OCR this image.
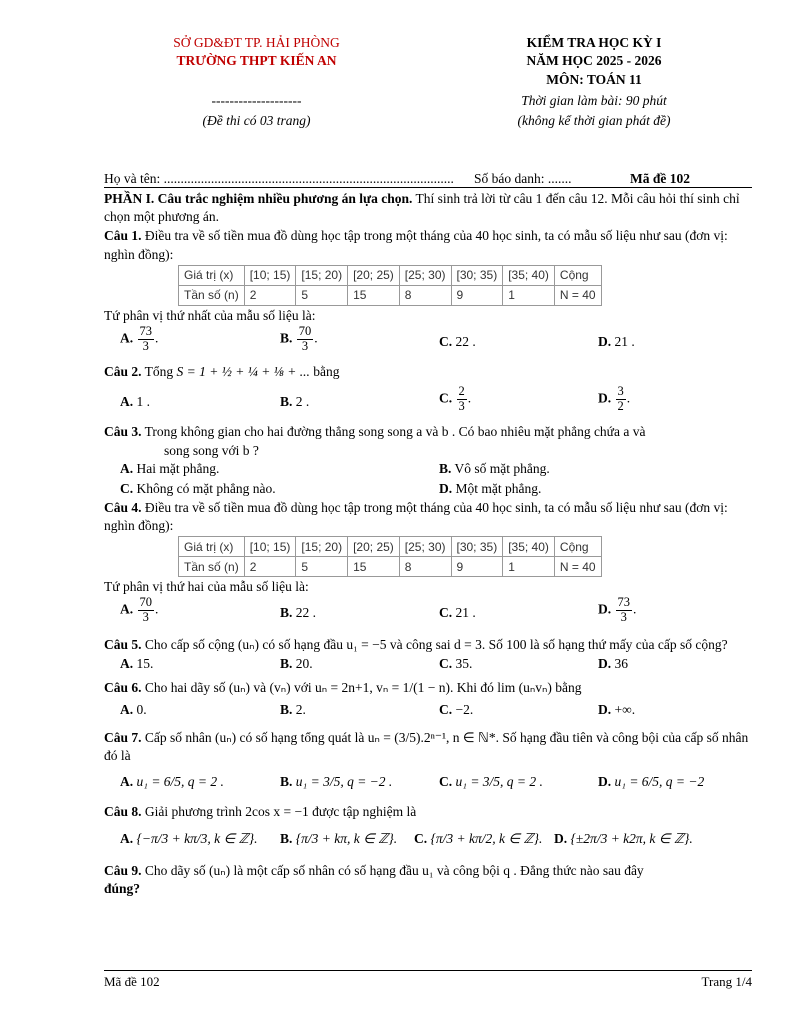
SỞ GD&ĐT TP. HẢI PHÒNG
TRƯỜNG THPT KIẾN AN
--------------------
(Đề thi có 03 trang)
KIỂM TRA HỌC KỲ I
NĂM HỌC 2025 - 2026
MÔN: TOÁN 11
Thời gian làm bài: 90 phút
(không kể thời gian phát đề)
Họ và tên: ...................................................................................... Số báo danh: .......	Mã đề 102

PHẦN I. Câu trắc nghiệm nhiều phương án lựa chọn. Thí sinh trả lời từ câu 1 đến câu 12. Mỗi câu hỏi thí sinh chỉ chọn một phương án.

Câu 1. Điều tra về số tiền mua đồ dùng học tập trong một tháng của 40 học sinh, ta có mẫu số liệu như sau (đơn vị: nghìn đồng):

Giá trị (x)	[10; 15)	[15; 20)	[20; 25)	[25; 30)	[30; 35)	[35; 40)	Cộng
Tần số (n)	2	5	15	8	9	1	N = 40

Tứ phân vị thứ nhất của mẫu số liệu là:

A. $\frac{73}{3}$ .	B. $\frac{70}{3}$ .	C. 22 .	D. 21 .

Câu 2. Tổng S = 1 + ½ + ¼ + ⅛ + ... bằng

A. 1 .	B. 2 .	C. $\frac{2}{3}$ .	D. $\frac{3}{2}$ .

Câu 3. Trong không gian cho hai đường thẳng song song a và b . Có bao nhiêu mặt phẳng chứa a và

song song với b ?

A. Hai mặt phẳng.	B. Vô số mặt phẳng.
C. Không có mặt phẳng nào.	D. Một mặt phẳng.

Câu 4. Điều tra về số tiền mua đồ dùng học tập trong một tháng của 40 học sinh, ta có mẫu số liệu như sau (đơn vị: nghìn đồng):

Giá trị (x)	[10; 15)	[15; 20)	[20; 25)	[25; 30)	[30; 35)	[35; 40)	Cộng
Tần số (n)	2	5	15	8	9	1	N = 40

Tứ phân vị thứ hai của mẫu số liệu là:

A. $\frac{70}{3}$ .	B. 22 .	C. 21 .	D. $\frac{73}{3}$ .

Câu 5. Cho cấp số cộng (uₙ) có số hạng đầu u₁ = −5 và công sai d = 3. Số 100 là số hạng thứ mấy của cấp số cộng?

A. 15.	B. 20.	C. 35.	D. 36

Câu 6. Cho hai dãy số (uₙ) và (vₙ) với uₙ = 2n+1, vₙ = 1/(1 − n). Khi đó lim (uₙvₙ) bằng

A. 0.	B. 2.	C. −2.	D. +∞.

Câu 7. Cấp số nhân (uₙ) có số hạng tổng quát là uₙ = (3/5).2ⁿ⁻¹, n ∈ ℕ*. Số hạng đầu tiên và công bội của cấp số nhân đó là

A. u₁ = 6/5, q = 2 .	B. u₁ = 3/5, q = −2 .	C. u₁ = 3/5, q = 2 .	D. u₁ = 6/5, q = −2

Câu 8. Giải phương trình 2cos x = −1 được tập nghiệm là

A. {−π/3 + kπ/3, k ∈ ℤ}. B. {π/3 + kπ, k ∈ ℤ}. C. {π/3 + kπ/2, k ∈ ℤ}. D. {±2π/3 + k2π, k ∈ ℤ}.

Câu 9. Cho dãy số (uₙ) là một cấp số nhân có số hạng đầu u₁ và công bội q . Đẳng thức nào sau đây

đúng?

Mã đề 102	Trang 1/4
